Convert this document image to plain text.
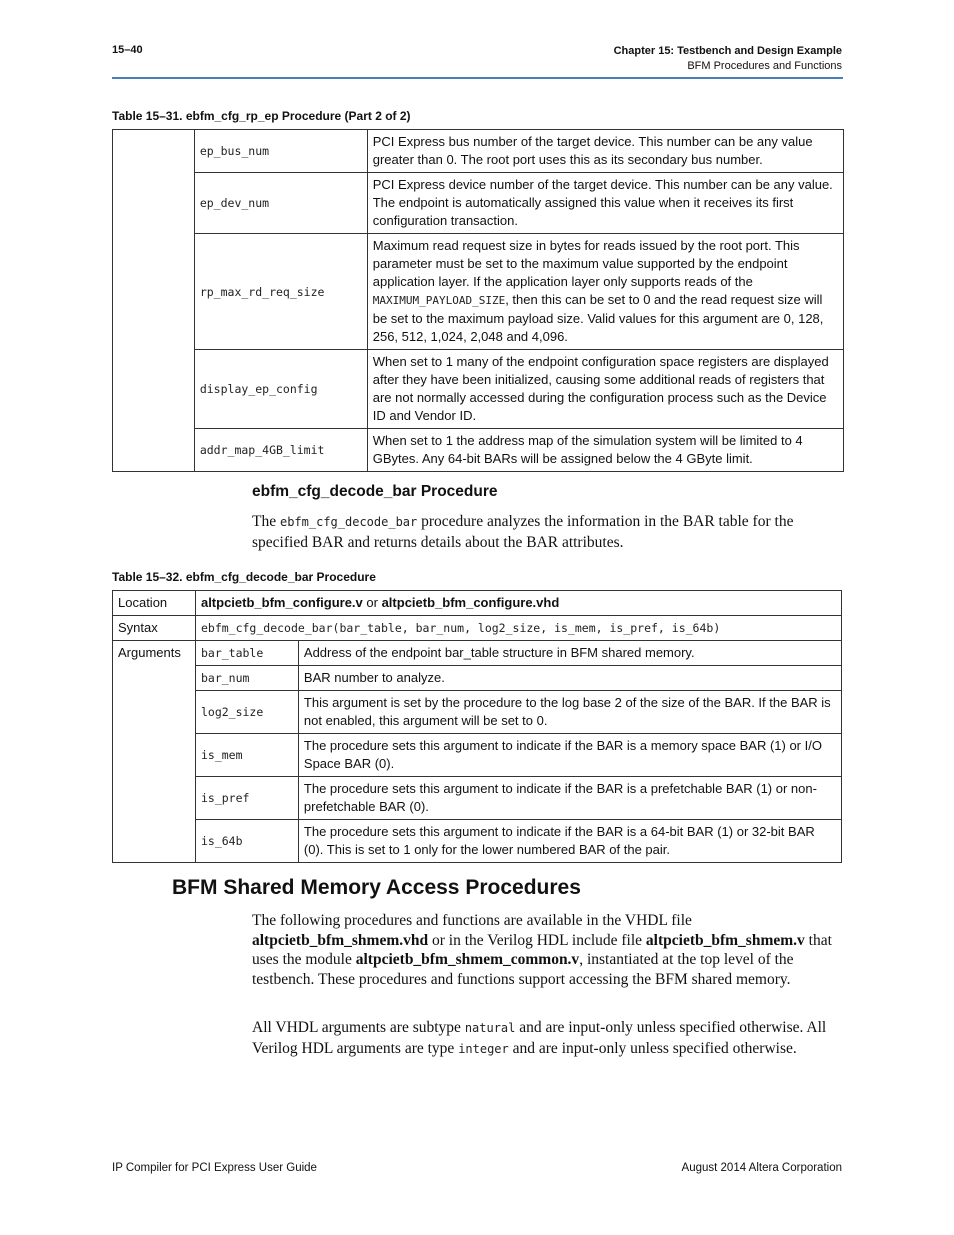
15–40	Chapter 15: Testbench and Design Example
BFM Procedures and Functions
Table 15–31. ebfm_cfg_rp_ep Procedure (Part 2 of 2)
	ep_bus_num	PCI Express bus number of the target device. This number can be any value greater than 0. The root port uses this as its secondary bus number.
	ep_dev_num	PCI Express device number of the target device. This number can be any value. The endpoint is automatically assigned this value when it receives its first configuration transaction.
	rp_max_rd_req_size	Maximum read request size in bytes for reads issued by the root port. This parameter must be set to the maximum value supported by the endpoint application layer. If the application layer only supports reads of the MAXIMUM_PAYLOAD_SIZE, then this can be set to 0 and the read request size will be set to the maximum payload size. Valid values for this argument are 0, 128, 256, 512, 1,024, 2,048 and 4,096.
	display_ep_config	When set to 1 many of the endpoint configuration space registers are displayed after they have been initialized, causing some additional reads of registers that are not normally accessed during the configuration process such as the Device ID and Vendor ID.
	addr_map_4GB_limit	When set to 1 the address map of the simulation system will be limited to 4 GBytes. Any 64-bit BARs will be assigned below the 4 GByte limit.
ebfm_cfg_decode_bar Procedure
The ebfm_cfg_decode_bar procedure analyzes the information in the BAR table for the specified BAR and returns details about the BAR attributes.
Table 15–32. ebfm_cfg_decode_bar Procedure
Location	altpcietb_bfm_configure.v or altpcietb_bfm_configure.vhd	
Syntax	ebfm_cfg_decode_bar(bar_table, bar_num, log2_size, is_mem, is_pref, is_64b)	
Arguments	bar_table	Address of the endpoint bar_table structure in BFM shared memory.
	bar_num	BAR number to analyze.
	log2_size	This argument is set by the procedure to the log base 2 of the size of the BAR. If the BAR is not enabled, this argument will be set to 0.
	is_mem	The procedure sets this argument to indicate if the BAR is a memory space BAR (1) or I/O Space BAR (0).
	is_pref	The procedure sets this argument to indicate if the BAR is a prefetchable BAR (1) or non-prefetchable BAR (0).
	is_64b	The procedure sets this argument to indicate if the BAR is a 64-bit BAR (1) or 32-bit BAR (0). This is set to 1 only for the lower numbered BAR of the pair.
BFM Shared Memory Access Procedures
The following procedures and functions are available in the VHDL file altpcietb_bfm_shmem.vhd or in the Verilog HDL include file altpcietb_bfm_shmem.v that uses the module altpcietb_bfm_shmem_common.v, instantiated at the top level of the testbench. These procedures and functions support accessing the BFM shared memory.
All VHDL arguments are subtype natural and are input-only unless specified otherwise. All Verilog HDL arguments are type integer and are input-only unless specified otherwise.
IP Compiler for PCI Express User Guide	August 2014 Altera Corporation
